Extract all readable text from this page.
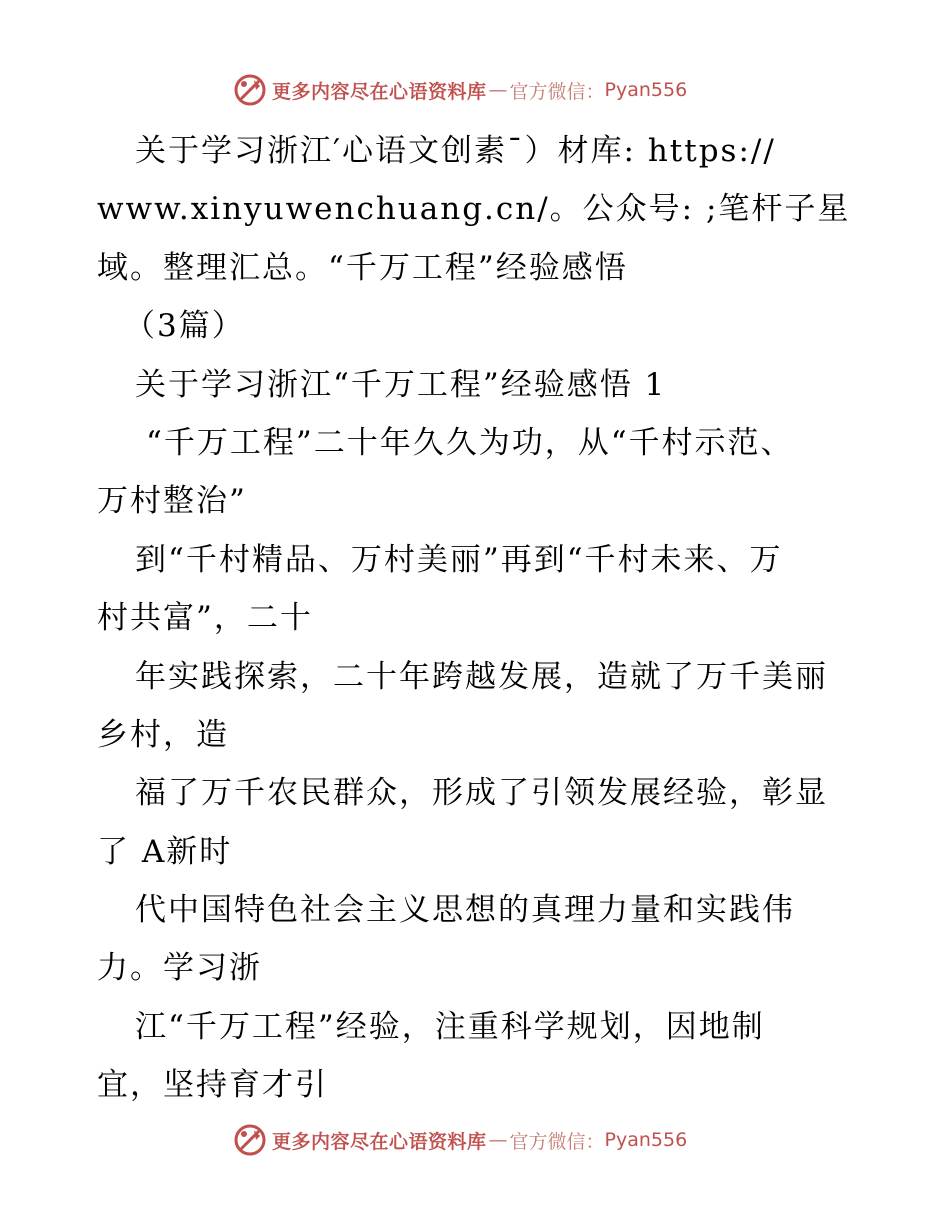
更多内容尽在心语资料库 — 官方微信： Pyan556
关于学习浙江′心语文创素¯）材库: https://
www.xinyuwenchuang.cn/。公众号: ;笔杆子星
域。整理汇总。“千万工程”经验感悟
（3篇）
关于学习浙江“千万工程”经验感悟 1
“千万工程”二十年久久为功，从“千村示范、
万村整治”
到“千村精品、万村美丽”再到“千村未来、万
村共富”，二十
年实践探索，二十年跨越发展，造就了万千美丽
乡村，造
福了万千农民群众，形成了引领发展经验，彰显
了 A新时
代中国特色社会主义思想的真理力量和实践伟
力。学习浙
江“千万工程”经验，注重科学规划，因地制
宜，坚持育才引
更多内容尽在心语资料库 — 官方微信： Pyan556
